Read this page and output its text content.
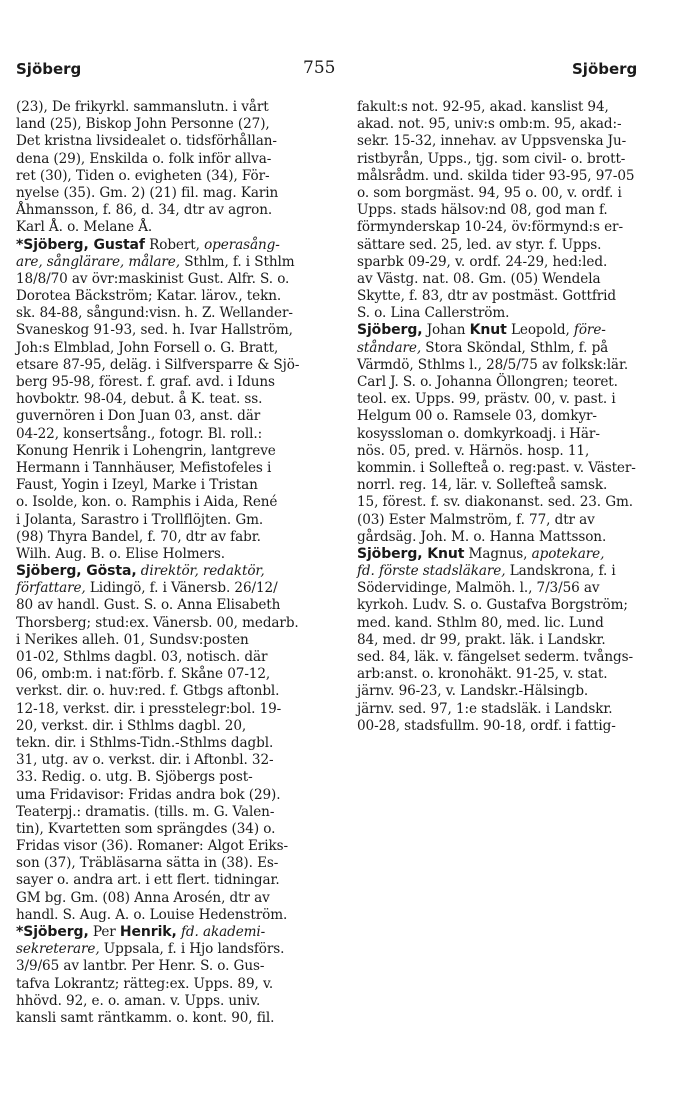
Sjöberg	755	Sjöberg
(23), De frikyrkl. sammanslutn. i vårt
land (25), Biskop John Personne (27),
Det kristna livsidealet o. tidsförhållan-
dena (29), Enskilda o. folk inför allva-
ret (30), Tiden o. evigheten (34), För-
nyelse (35). Gm. 2) (21) fil. mag. Karin
Åhmansson, f. 86, d. 34, dtr av agron.
Karl Å. o. Melane Å.
*Sjöberg, Gustaf Robert, operasång-
are, sånglärare, målare, Sthlm, f. i Sthlm
18/8/70 av övr:maskinist Gust. Alfr. S. o.
Dorotea Bäckström; Katar. lärov., tekn.
sk. 84-88, sångund:visn. h. Z. Wellander-
Svaneskog 91-93, sed. h. Ivar Hallström,
Joh:s Elmblad, John Forsell o. G. Bratt,
etsare 87-95, deläg. i Silfversparre & Sjö-
berg 95-98, förest. f. graf. avd. i Iduns
hovboktr. 98-04, debut. å K. teat. ss.
guvernören i Don Juan 03, anst. där
04-22, konsertsång., fotogr. Bl. roll.:
Konung Henrik i Lohengrin, lantgreve
Hermann i Tannhäuser, Mefistofeles i
Faust, Yogin i Izeyl, Marke i Tristan
o. Isolde, kon. o. Ramphis i Aida, René
i Jolanta, Sarastro i Trollflöjten. Gm.
(98) Thyra Bandel, f. 70, dtr av fabr.
Wilh. Aug. B. o. Elise Holmers.
Sjöberg, Gösta, direktör, redaktör,
författare, Lidingö, f. i Vänersb. 26/12/
80 av handl. Gust. S. o. Anna Elisabeth
Thorsberg; stud:ex. Vänersb. 00, medarb.
i Nerikes alleh. 01, Sundsv:posten
01-02, Sthlms dagbl. 03, notisch. där
06, omb:m. i nat:förb. f. Skåne 07-12,
verkst. dir. o. huv:red. f. Gtbgs aftonbl.
12-18, verkst. dir. i presstelegr:bol. 19-
20, verkst. dir. i Sthlms dagbl. 20,
tekn. dir. i Sthlms-Tidn.-Sthlms dagbl.
31, utg. av o. verkst. dir. i Aftonbl. 32-
33. Redig. o. utg. B. Sjöbergs post-
uma Fridavisor: Fridas andra bok (29).
Teaterpj.: dramatis. (tills. m. G. Valen-
tin), Kvartetten som sprängdes (34) o.
Fridas visor (36). Romaner: Algot Eriks-
son (37), Träbläsarna sätta in (38). Es-
sayer o. andra art. i ett flert. tidningar.
GM bg. Gm. (08) Anna Arosén, dtr av
handl. S. Aug. A. o. Louise Hedenström.
*Sjöberg, Per Henrik, fd. akademi-
sekreterare, Uppsala, f. i Hjo landsförs.
3/9/65 av lantbr. Per Henr. S. o. Gus-
tafva Lokrantz; rätteg:ex. Upps. 89, v.
hhövd. 92, e. o. aman. v. Upps. univ.
kansli samt räntkamm. o. kont. 90, fil.
fakult:s not. 92-95, akad. kanslist 94,
akad. not. 95, univ:s omb:m. 95, akad:-
sekr. 15-32, innehav. av Uppsvenska Ju-
ristbyrån, Upps., tjg. som civil- o. brott-
målsrådm. und. skilda tider 93-95, 97-05
o. som borgmäst. 94, 95 o. 00, v. ordf. i
Upps. stads hälsov:nd 08, god man f.
förmynderskap 10-24, öv:förmynd:s er-
sättare sed. 25, led. av styr. f. Upps.
sparbk 09-29, v. ordf. 24-29, hed:led.
av Västg. nat. 08. Gm. (05) Wendela
Skytte, f. 83, dtr av postmäst. Gottfrid
S. o. Lina Callerström.
Sjöberg, Johan Knut Leopold, före-
ståndare, Stora Sköndal, Sthlm, f. på
Värmdö, Sthlms l., 28/5/75 av folksk:lär.
Carl J. S. o. Johanna Öllongren; teoret.
teol. ex. Upps. 99, prästv. 00, v. past. i
Helgum 00 o. Ramsele 03, domkyr-
kosyssloman o. domkyrkoadj. i Här-
nös. 05, pred. v. Härnös. hosp. 11,
kommin. i Sollefteå o. reg:past. v. Väster-
norrl. reg. 14, lär. v. Sollefteå samsk.
15, förest. f. sv. diakonanst. sed. 23. Gm.
(03) Ester Malmström, f. 77, dtr av
gårdsäg. Joh. M. o. Hanna Mattsson.
Sjöberg, Knut Magnus, apotekare,
fd. förste stadsläkare, Landskrona, f. i
Södervidinge, Malmöh. l., 7/3/56 av
kyrkoh. Ludv. S. o. Gustafva Borgström;
med. kand. Sthlm 80, med. lic. Lund
84, med. dr 99, prakt. läk. i Landskr.
sed. 84, läk. v. fängelset sederm. tvångs-
arb:anst. o. kronohäkt. 91-25, v. stat.
järnv. 96-23, v. Landskr.-Hälsingb.
järnv. sed. 97, 1:e stadsläk. i Landskr.
00-28, stadsfullm. 90-18, ordf. i fattig-
